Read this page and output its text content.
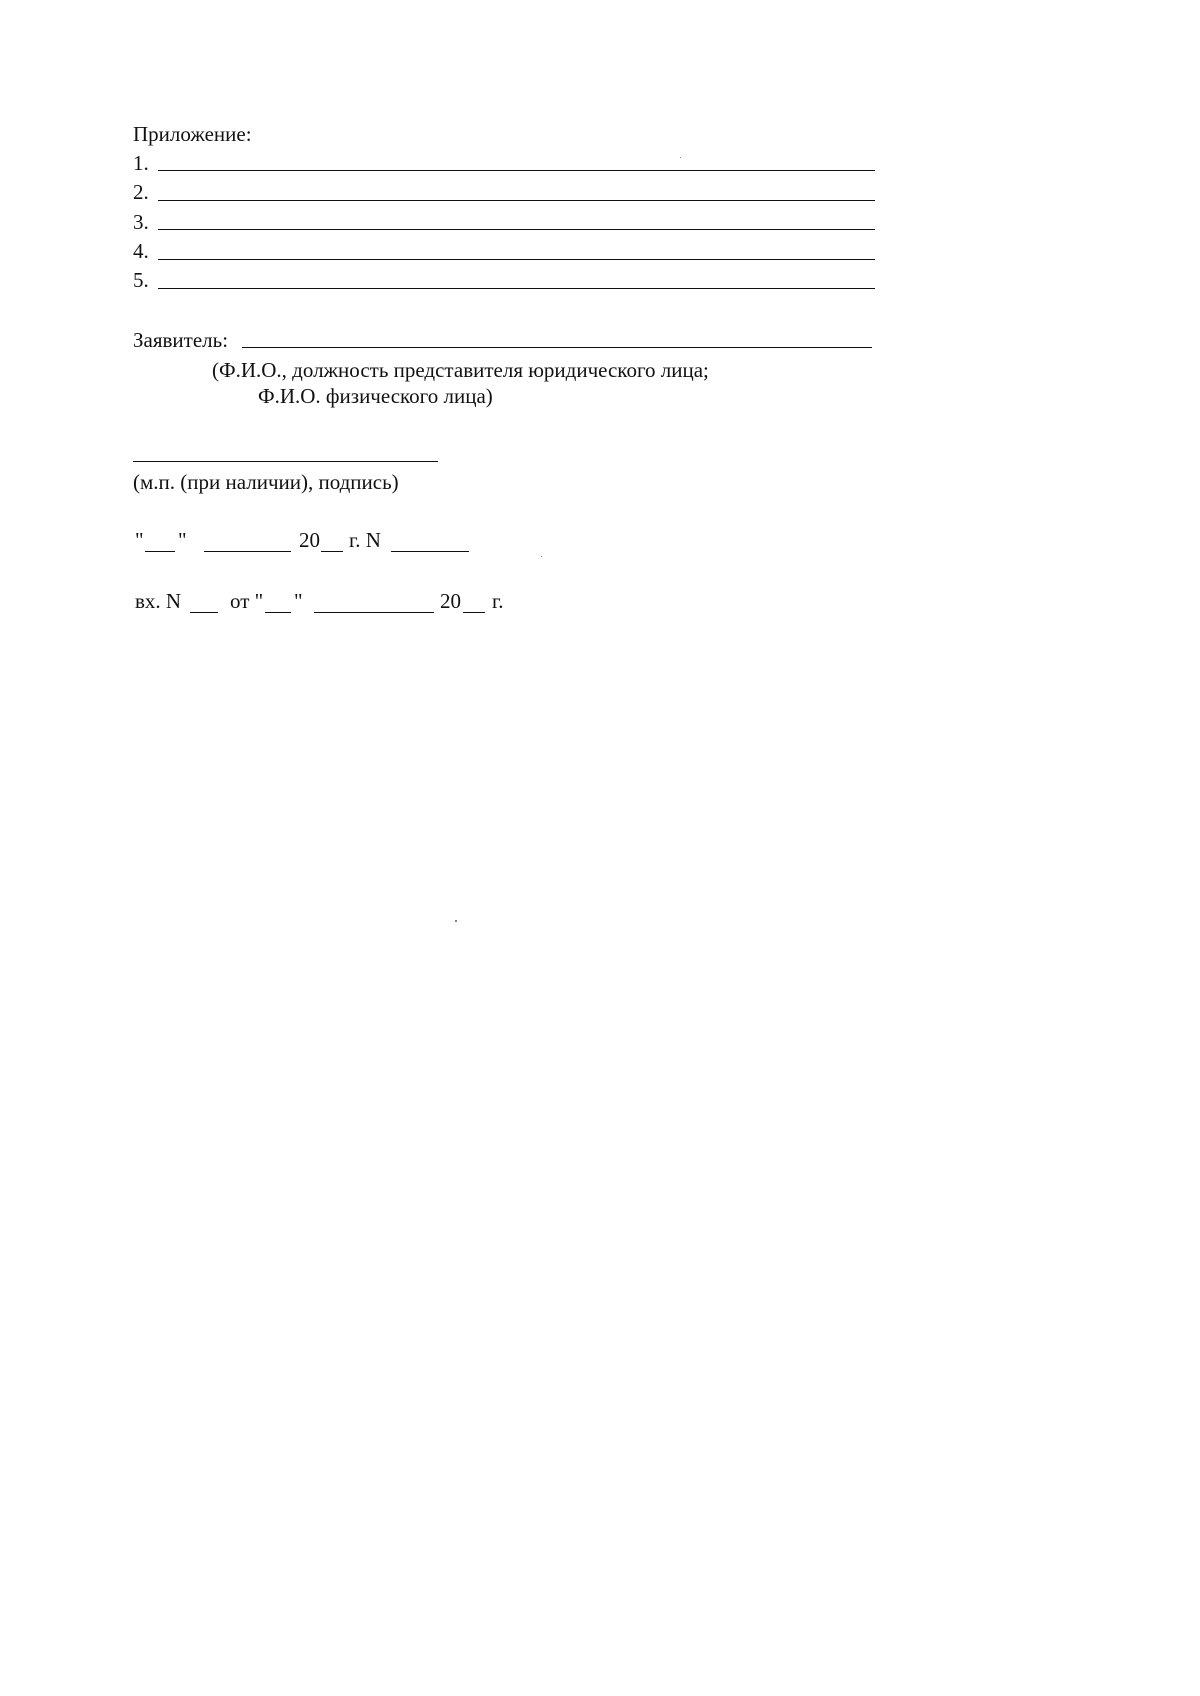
Приложение:
1.
2.
3.
4.
5.
Заявитель:
(Ф.И.О., должность представителя юридического лица;
Ф.И.О. физического лица)
(м.п. (при наличии), подпись)
" "	20 г. N
вх. N от " "	20 г.
